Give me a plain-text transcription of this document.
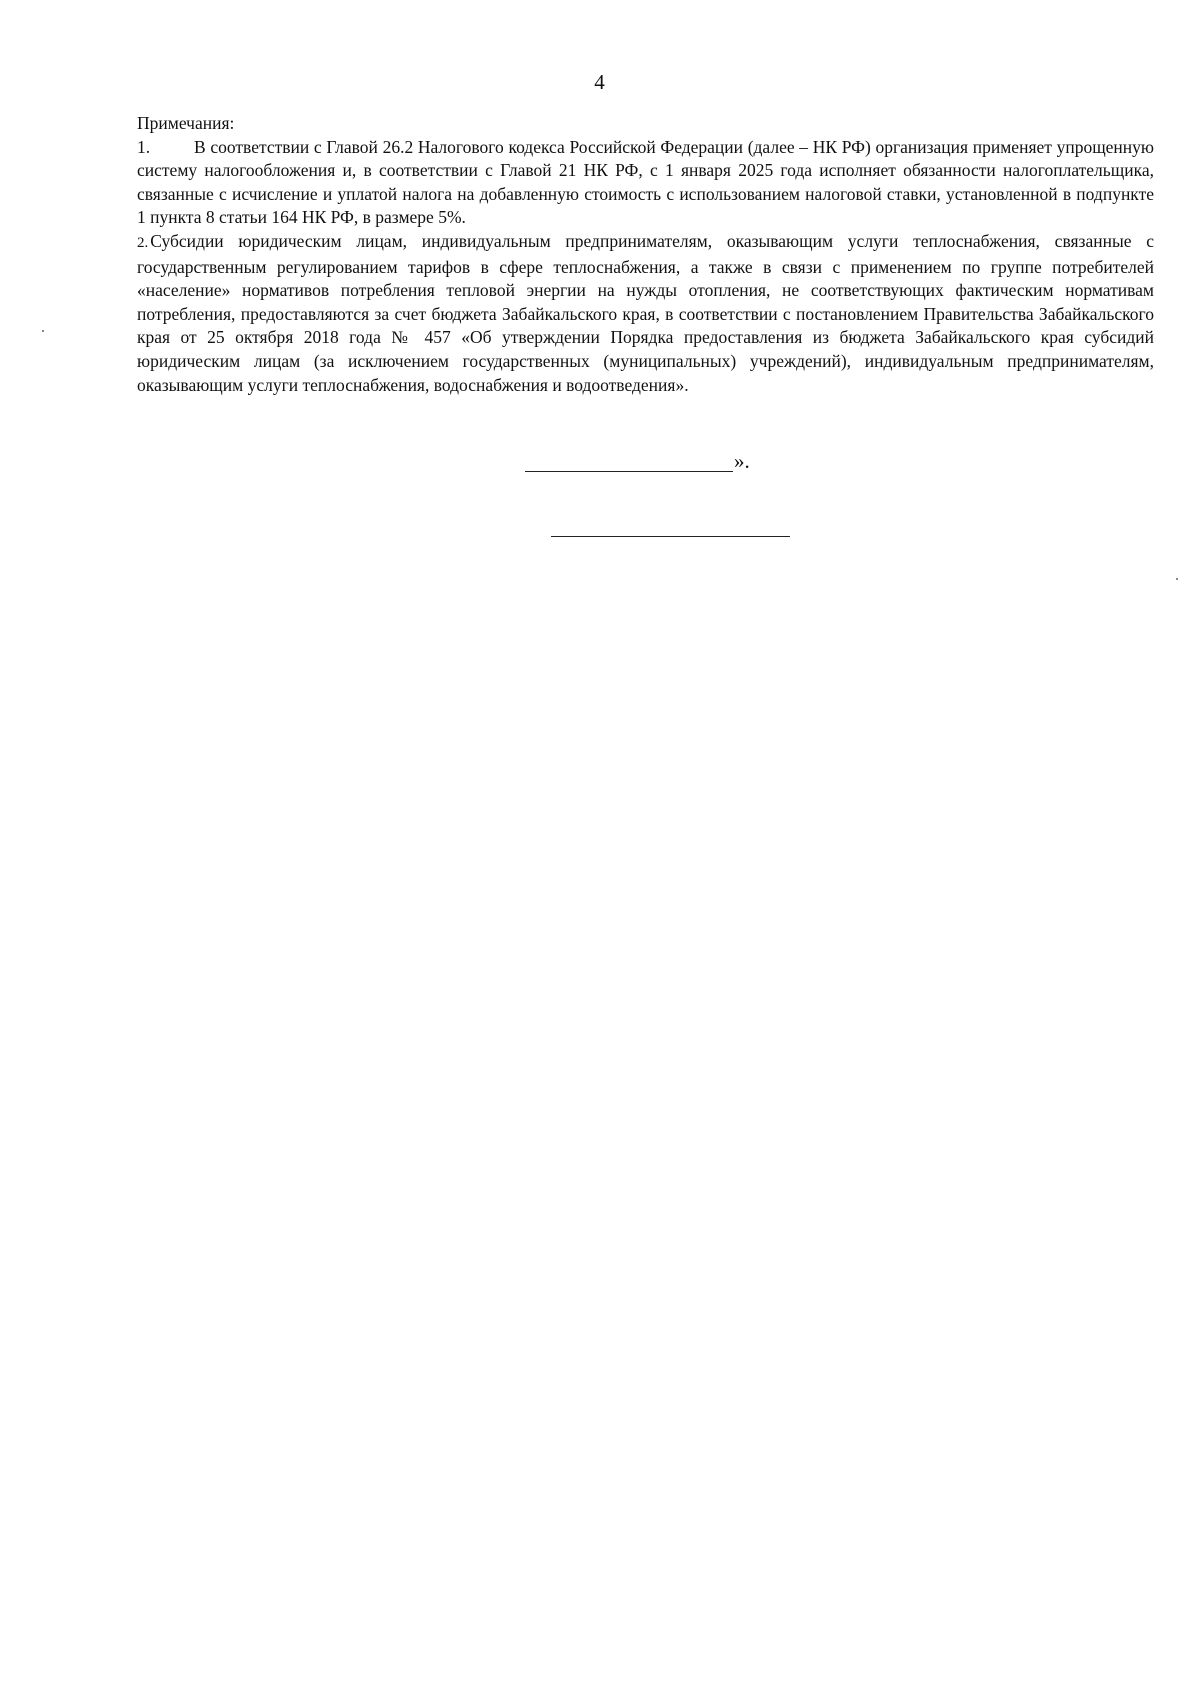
4

Примечания:

1.	В соответствии с Главой 26.2 Налогового кодекса Российской Федерации (далее – НК РФ) организация применяет упрощенную систему налогообложения и, в соответствии с Главой 21 НК РФ, с 1 января 2025 года исполняет обязанности налогоплательщика, связанные с исчисление и уплатой налога на добавленную стоимость с использованием налоговой ставки, установленной в подпункте 1 пункта 8 статьи 164 НК РФ, в размере 5%.

2. Субсидии юридическим лицам, индивидуальным предпринимателям, оказывающим услуги теплоснабжения, связанные с государственным регулированием тарифов в сфере теплоснабжения, а также в связи с применением по группе потребителей «население» нормативов потребления тепловой энергии на нужды отопления, не соответствующих фактическим нормативам потребления, предоставляются за счет бюджета Забайкальского края, в соответствии с постановлением Правительства Забайкальского края от 25 октября 2018 года № 457 «Об утверждении Порядка предоставления из бюджета Забайкальского края субсидий юридическим лицам (за исключением государственных (муниципальных) учреждений), индивидуальным предпринимателям, оказывающим услуги теплоснабжения, водоснабжения и водоотведения».

».
